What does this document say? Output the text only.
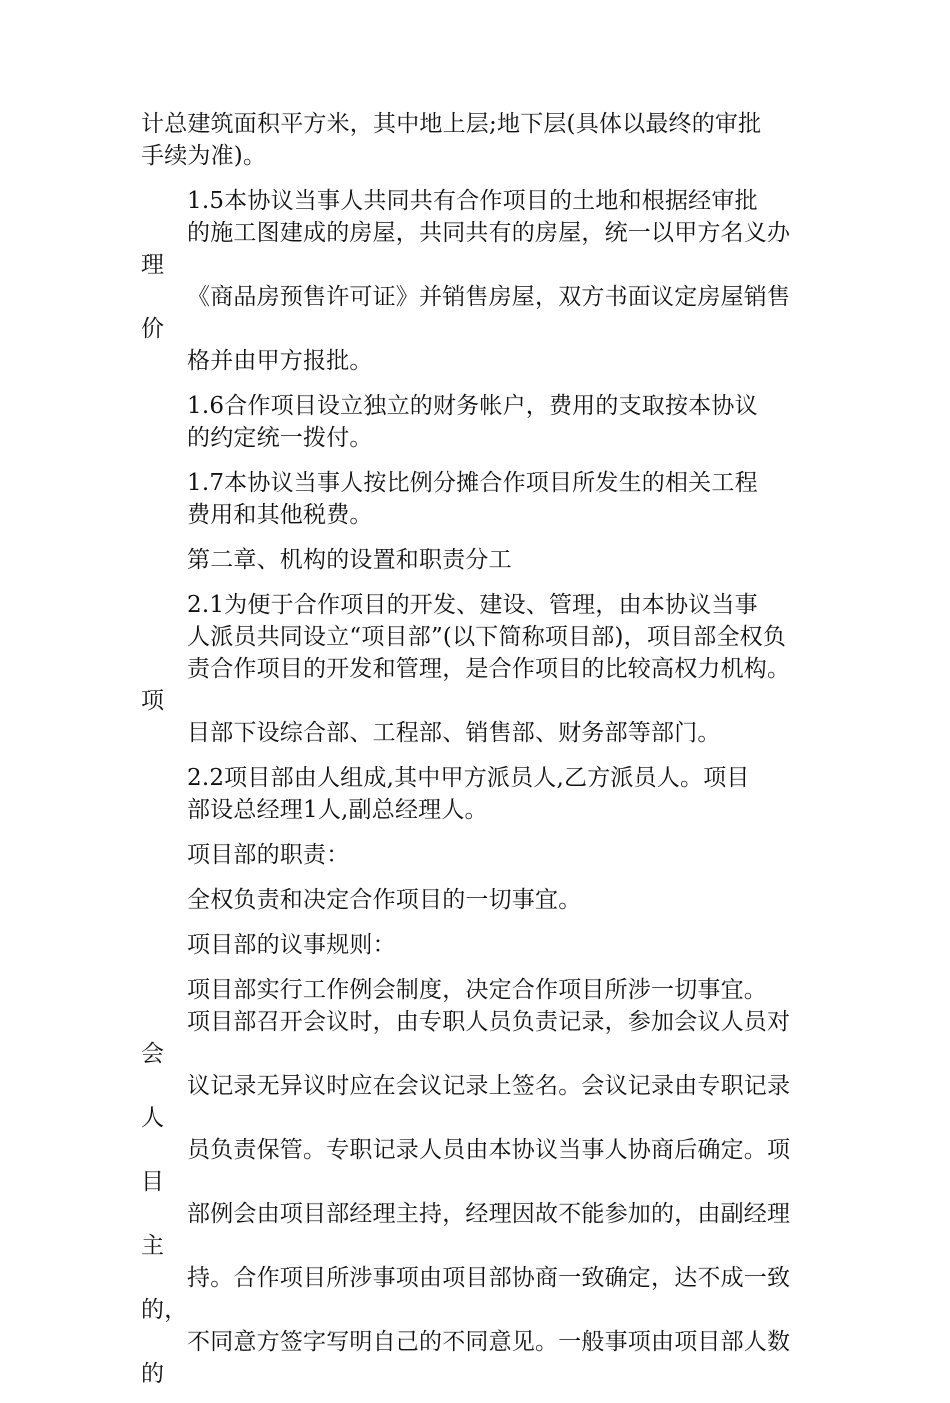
计总建筑面积平方米，其中地上层;地下层(具体以最终的审批
手续为准)。

1.5本协议当事人共同共有合作项目的土地和根据经审批
的施工图建成的房屋，共同共有的房屋，统一以甲方名义办理
《商品房预售许可证》并销售房屋，双方书面议定房屋销售价
格并由甲方报批。

1.6合作项目设立独立的财务帐户，费用的支取按本协议
的约定统一拨付。

1.7本协议当事人按比例分摊合作项目所发生的相关工程
费用和其他税费。

第二章、机构的设置和职责分工

2.1为便于合作项目的开发、建设、管理，由本协议当事
人派员共同设立“项目部”(以下简称项目部)，项目部全权负
责合作项目的开发和管理，是合作项目的比较高权力机构。项
目部下设综合部、工程部、销售部、财务部等部门。

2.2项目部由人组成,其中甲方派员人,乙方派员人。项目
部设总经理1人,副总经理人。

项目部的职责：

全权负责和决定合作项目的一切事宜。

项目部的议事规则：

项目部实行工作例会制度，决定合作项目所涉一切事宜。
项目部召开会议时，由专职人员负责记录，参加会议人员对会
议记录无异议时应在会议记录上签名。会议记录由专职记录人
员负责保管。专职记录人员由本协议当事人协商后确定。项目
部例会由项目部经理主持，经理因故不能参加的，由副经理主
持。合作项目所涉事项由项目部协商一致确定，达不成一致的，
不同意方签字写明自己的不同意见。一般事项由项目部人数的
